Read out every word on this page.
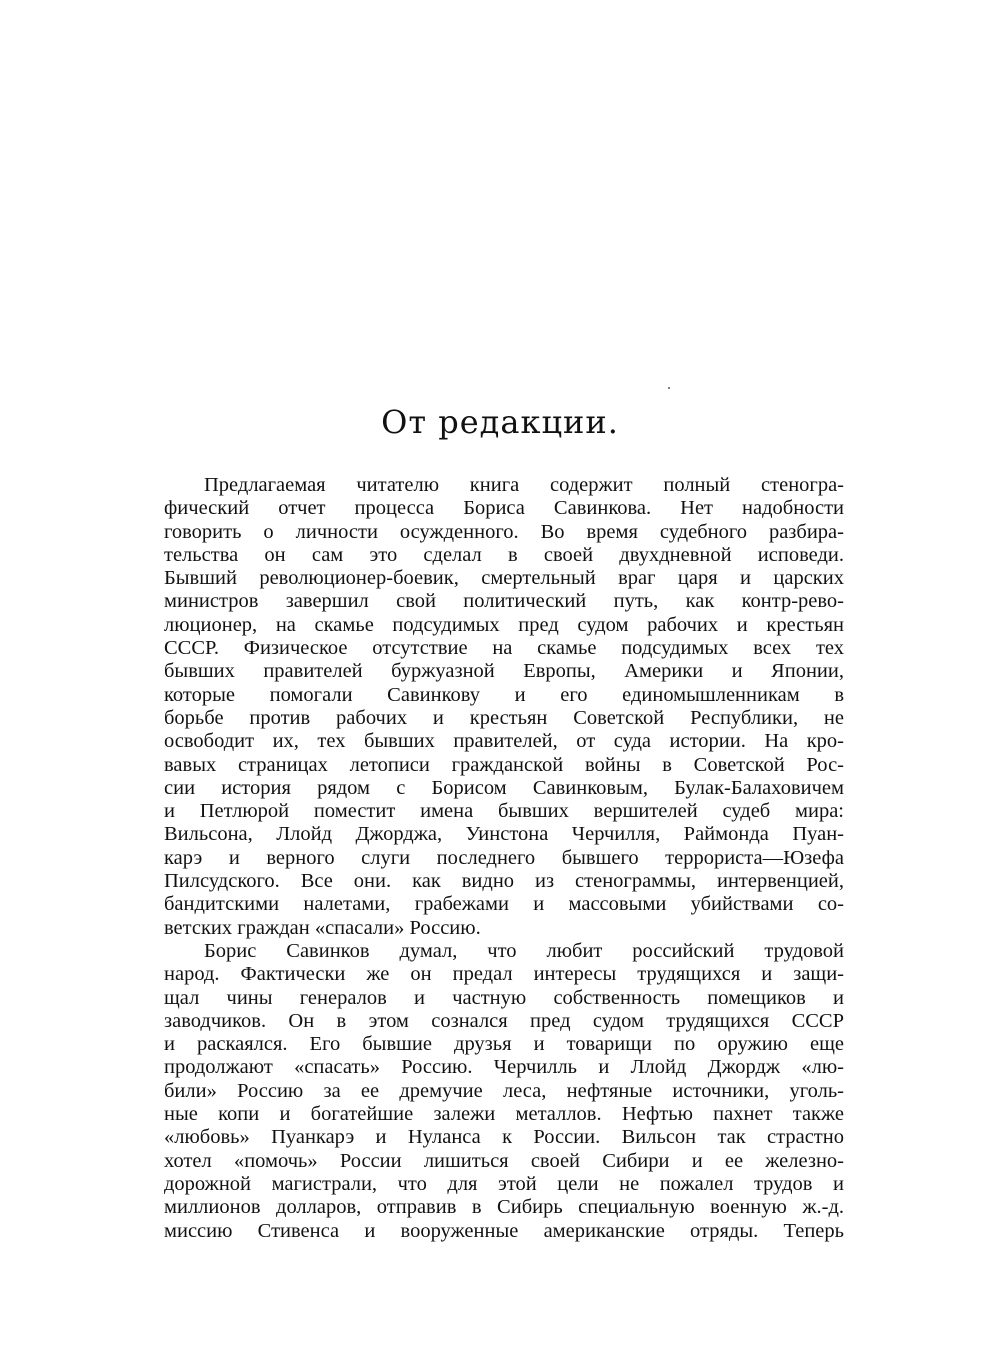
От редакции.
Предлагаемая читателю книга содержит полный стеногра-
фический отчет процесса Бориса Савинкова. Нет надобности
говорить о личности осужденного. Во время судебного разбира-
тельства он сам это сделал в своей двухдневной исповеди.
Бывший революционер-боевик, смертельный враг царя и царских
министров завершил свой политический путь, как контр-рево-
люционер, на скамье подсудимых пред судом рабочих и крестьян
СССР. Физическое отсутствие на скамье подсудимых всех тех
бывших правителей буржуазной Европы, Америки и Японии,
которые помогали Савинкову и его единомышленникам в
борьбе против рабочих и крестьян Советской Республики, не
освободит их, тех бывших правителей, от суда истории. На кро-
вавых страницах летописи гражданской войны в Советской Рос-
сии история рядом с Борисом Савинковым, Булак-Балаховичем
и Петлюрой поместит имена бывших вершителей судеб мира:
Вильсона, Ллойд Джорджа, Уинстона Черчилля, Раймонда Пуан-
карэ и верного слуги последнего бывшего террориста—Юзефа
Пилсудского. Все они. как видно из стенограммы, интервенцией,
бандитскими налетами, грабежами и массовыми убийствами со-
ветских граждан «спасали» Россию.
Борис Савинков думал, что любит российский трудовой
народ. Фактически же он предал интересы трудящихся и защи-
щал чины генералов и частную собственность помещиков и
заводчиков. Он в этом сознался пред судом трудящихся СССР
и раскаялся. Его бывшие друзья и товарищи по оружию еще
продолжают «спасать» Россию. Черчилль и Ллойд Джордж «лю-
били» Россию за ее дремучие леса, нефтяные источники, уголь-
ные копи и богатейшие залежи металлов. Нефтью пахнет также
«любовь» Пуанкарэ и Нуланса к России. Вильсон так страстно
хотел «помочь» России лишиться своей Сибири и ее железно-
дорожной магистрали, что для этой цели не пожалел трудов и
миллионов долларов, отправив в Сибирь специальную военную ж.-д.
миссию Стивенса и вооруженные американские отряды. Теперь
